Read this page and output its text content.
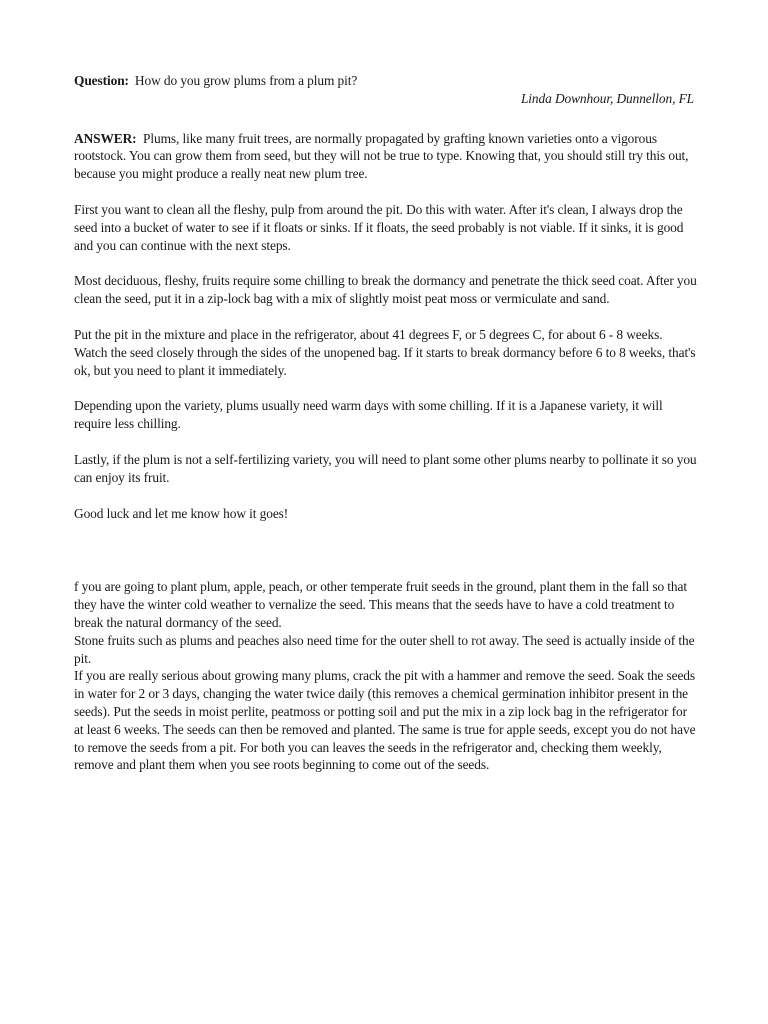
Question: How do you grow plums from a plum pit?

Linda Downhour, Dunnellon, FL

ANSWER: Plums, like many fruit trees, are normally propagated by grafting known varieties onto a vigorous rootstock. You can grow them from seed, but they will not be true to type. Knowing that, you should still try this out, because you might produce a really neat new plum tree.

First you want to clean all the fleshy, pulp from around the pit. Do this with water. After it's clean, I always drop the seed into a bucket of water to see if it floats or sinks. If it floats, the seed probably is not viable. If it sinks, it is good and you can continue with the next steps.

Most deciduous, fleshy, fruits require some chilling to break the dormancy and penetrate the thick seed coat. After you clean the seed, put it in a zip-lock bag with a mix of slightly moist peat moss or vermiculate and sand.

Put the pit in the mixture and place in the refrigerator, about 41 degrees F, or 5 degrees C, for about 6 - 8 weeks. Watch the seed closely through the sides of the unopened bag. If it starts to break dormancy before 6 to 8 weeks, that's ok, but you need to plant it immediately.

Depending upon the variety, plums usually need warm days with some chilling. If it is a Japanese variety, it will require less chilling.

Lastly, if the plum is not a self-fertilizing variety, you will need to plant some other plums nearby to pollinate it so you can enjoy its fruit.

Good luck and let me know how it goes!

f you are going to plant plum, apple, peach, or other temperate fruit seeds in the ground, plant them in the fall so that they have the winter cold weather to vernalize the seed. This means that the seeds have to have a cold treatment to break the natural dormancy of the seed.

Stone fruits such as plums and peaches also need time for the outer shell to rot away. The seed is actually inside of the pit.

If you are really serious about growing many plums, crack the pit with a hammer and remove the seed. Soak the seeds in water for 2 or 3 days, changing the water twice daily (this removes a chemical germination inhibitor present in the seeds). Put the seeds in moist perlite, peatmoss or potting soil and put the mix in a zip lock bag in the refrigerator for at least 6 weeks. The seeds can then be removed and planted. The same is true for apple seeds, except you do not have to remove the seeds from a pit. For both you can leaves the seeds in the refrigerator and, checking them weekly, remove and plant them when you see roots beginning to come out of the seeds.
